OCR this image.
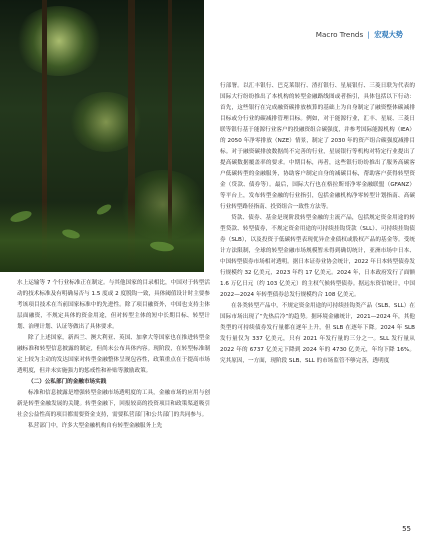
Macro Trends | 宏观大势

水上运输等 7 个行业标准正在制定。与其他国家的目录相比，中国对于转型活动的技术标准及有明确易否与 1.5 度或 2 度脱钩一致，具体阈值设计时主要参考该项目技术在当前国家标准中的先进性。除了项目融资外，中国也支持主体层面融资，不规定具体的资金用途，但对转型主体的短中长期目标、转型计划、治理计划、认证等做出了具体要求。

除了上述国家，新西兰、澳大利亚、英国、加拿大等国家也在推进转型金融标准和转型信息披露的制定，但尚未公布具体内容。现阶段，在转型标准制定上较为主动的发达国家对转型金融整体呈现包容性，政策重点在于提高市场透明度，但并未实施强力的惩戒性和补贴等激励政策。

（二）公私部门的金融市场实践

标准和信息披露是增强转型金融市场透明度的工具，金融市场的应用与创新是转型金融发展的关键。转型金融下，回报较高的投资项目和政策渠道吸引社会公益性高的项目都需要资金支持，需要私营部门和公共部门的共同参与。

私营部门中，许多大型金融机构自有转型金融服务上先

行部署。以汇丰银行、巴克莱银行、渣打银行、星展银行、三菱日联为代表的国际大行纷纷推出了本机构的转型金融路线图或者指引，具体包括以下行动：首先，这些银行在完成融资碳排放核算的基础上为自身制定了融资整体碳减排目标或分行业的碳减排管理目标。例如，对于能源行业，汇丰、星展、三菱日联等银行基于能源行业客户的投融资组合碳强度，并参考国际能源机构（IEA）的 2050 年净零排放（NZE）情景，制定了 2030 年的资产组合碳强度减排目标。对于融资碳排放数据尚不完善的行业，星展银行等机构对特定行业提出了提高碳数据覆盖率的要求。中期目标，再者，这些银行纷纷推出了服务高碳客户低碳转型的金融服务，协助客户制定自身的减碳目标，帮助客户获得转型资金（贷款、债券等）。最后，国际大行也在格拉斯哥净零金融联盟（GFANZ）等平台上，发布转型金融的行业指引，包括金融机构净零转型计划指南、高碳行业转型路径指南、投资组合一致性方法等。

贷款、债券、基金是现阶段转型金融的主流产品，包括规定资金用途的转型贷款、转型债券，不规定资金用途的可持续挂钩贷款（SLL）、可持续挂钩债券（SLB），以及投资于低碳转型表现优异企业债权或股权产品的基金等。受统计方法限制，全球的转型金融市场规模暂未得到确切统计，亚洲市场中日本、中国转型债券市场相对透明。据日本证券业协会统计，2022 年日本转型债券发行规模约 32 亿美元，2023 年约 17 亿美元。2024 年，日本政府发行了面额 1.6 万亿日元（约 103 亿美元）的主权气候转型债券。据远东资信统计，中国 2022—2024 年转型债券总发行规模约合 108 亿美元。

在各类转型产品中，不规定资金用途的可持续挂钩类产品（SLB、SLL）在国际市场出现了“先热后冷”的趋势。据环境金融统计，2021—2024 年，其他类型的可持续债券发行量都在逐年上升，但 SLB 在逐年下降。2024 年 SLB 发行量仅为 337 亿美元，只有 2021 年发行量的三分之一。SLL 发行量从 2022 年的 6737 亿美元下降到 2024 年的 4730 亿美元，年均下降 16%。究其原因，一方面，现阶段 SLB、SLL 的市场监管不够完善，透明度

55
